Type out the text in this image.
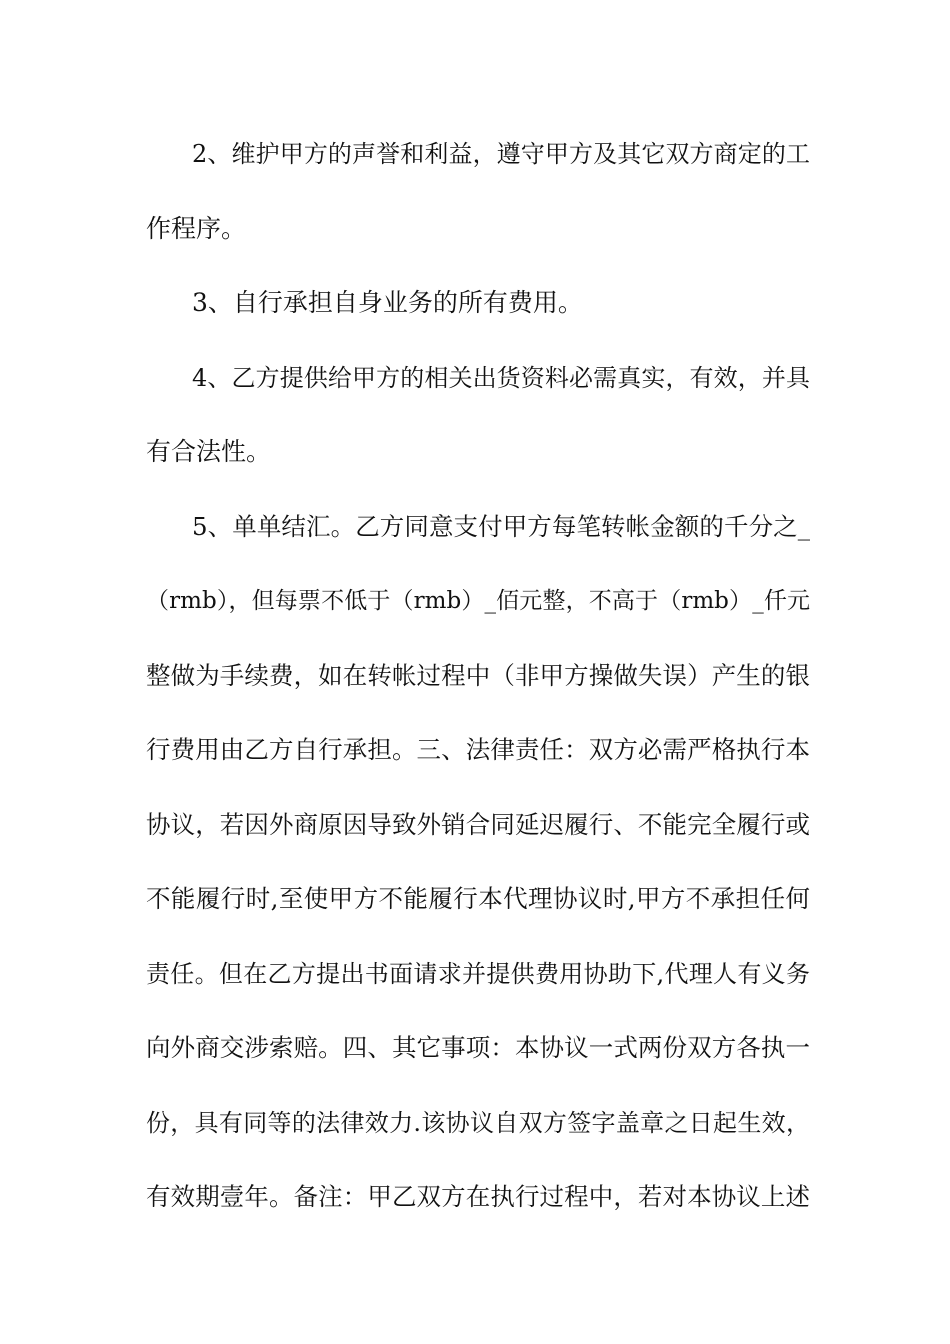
2、维护甲方的声誉和利益，遵守甲方及其它双方商定的工
作程序。
3、自行承担自身业务的所有费用。
4、乙方提供给甲方的相关出货资料必需真实，有效，并具
有合法性。
5、单单结汇。乙方同意支付甲方每笔转帐金额的千分之_
（rmb），但每票不低于（rmb）_佰元整，不高于（rmb）_仟元
整做为手续费，如在转帐过程中（非甲方操做失误）产生的银
行费用由乙方自行承担。三、法律责任：双方必需严格执行本
协议，若因外商原因导致外销合同延迟履行、不能完全履行或
不能履行时,至使甲方不能履行本代理协议时,甲方不承担任何
责任。但在乙方提出书面请求并提供费用协助下,代理人有义务
向外商交涉索赔。四、其它事项：本协议一式两份双方各执一
份，具有同等的法律效力.该协议自双方签字盖章之日起生效，
有效期壹年。备注：甲乙双方在执行过程中，若对本协议上述
